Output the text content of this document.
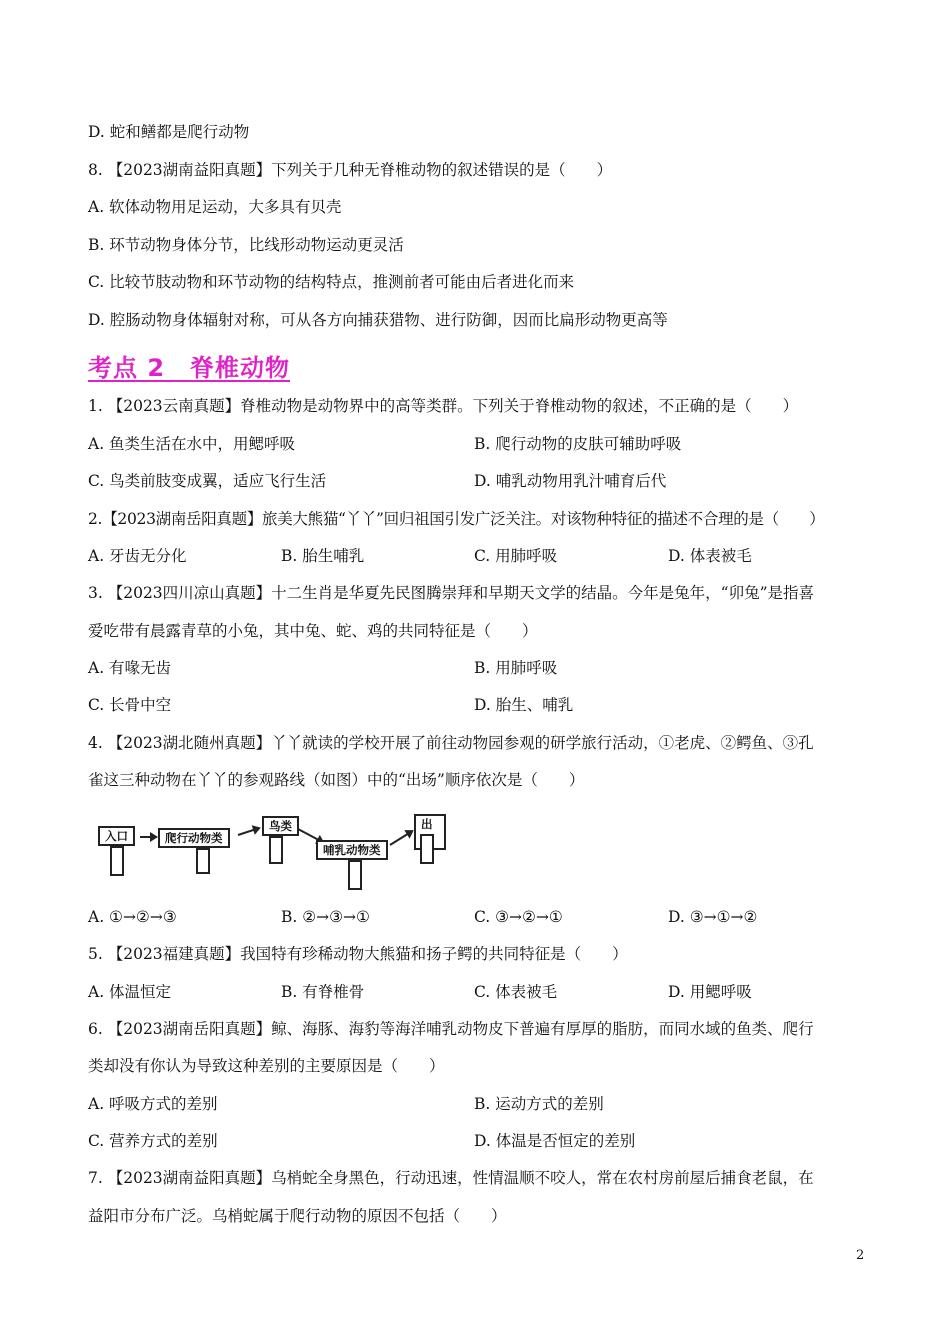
D. 蛇和鳝都是爬行动物
8. 【2023湖南益阳真题】下列关于几种无脊椎动物的叙述错误的是（　　）
A. 软体动物用足运动，大多具有贝壳
B. 环节动物身体分节，比线形动物运动更灵活
C. 比较节肢动物和环节动物的结构特点，推测前者可能由后者进化而来
D. 腔肠动物身体辐射对称，可从各方向捕获猎物、进行防御，因而比扁形动物更高等
考点 2　脊椎动物
1. 【2023云南真题】脊椎动物是动物界中的高等类群。下列关于脊椎动物的叙述，不正确的是（　　）
A. 鱼类生活在水中，用鳃呼吸	B. 爬行动物的皮肤可辅助呼吸
C. 鸟类前肢变成翼，适应飞行生活	D. 哺乳动物用乳汁哺育后代
2.【2023湖南岳阳真题】旅美大熊猫“丫丫”回归祖国引发广泛关注。对该物种特征的描述不合理的是（　　）
A. 牙齿无分化	B. 胎生哺乳	C. 用肺呼吸	D. 体表被毛
3. 【2023四川凉山真题】十二生肖是华夏先民图腾崇拜和早期天文学的结晶。今年是兔年，“卯兔”是指喜
爱吃带有晨露青草的小兔，其中兔、蛇、鸡的共同特征是（　　）
A. 有喙无齿	B. 用肺呼吸
C. 长骨中空	D. 胎生、哺乳
4. 【2023湖北随州真题】丫丫就读的学校开展了前往动物园参观的研学旅行活动，①老虎、②鳄鱼、③孔
雀这三种动物在丫丫的参观路线（如图）中的“出场”顺序依次是（　　）
入口	爬行动物类
鸟类
哺乳动物类
出
A. ①→②→③	B. ②→③→①	C. ③→②→①	D. ③→①→②
5. 【2023福建真题】我国特有珍稀动物大熊猫和扬子鳄的共同特征是（　　）
A. 体温恒定	B. 有脊椎骨	C. 体表被毛	D. 用鳃呼吸
6. 【2023湖南岳阳真题】鲸、海豚、海豹等海洋哺乳动物皮下普遍有厚厚的脂肪，而同水域的鱼类、爬行
类却没有你认为导致这种差别的主要原因是（　　）
A. 呼吸方式的差别	B. 运动方式的差别
C. 营养方式的差别	D. 体温是否恒定的差别
7. 【2023湖南益阳真题】乌梢蛇全身黑色，行动迅速，性情温顺不咬人，常在农村房前屋后捕食老鼠，在
益阳市分布广泛。乌梢蛇属于爬行动物的原因不包括（　　）
2
